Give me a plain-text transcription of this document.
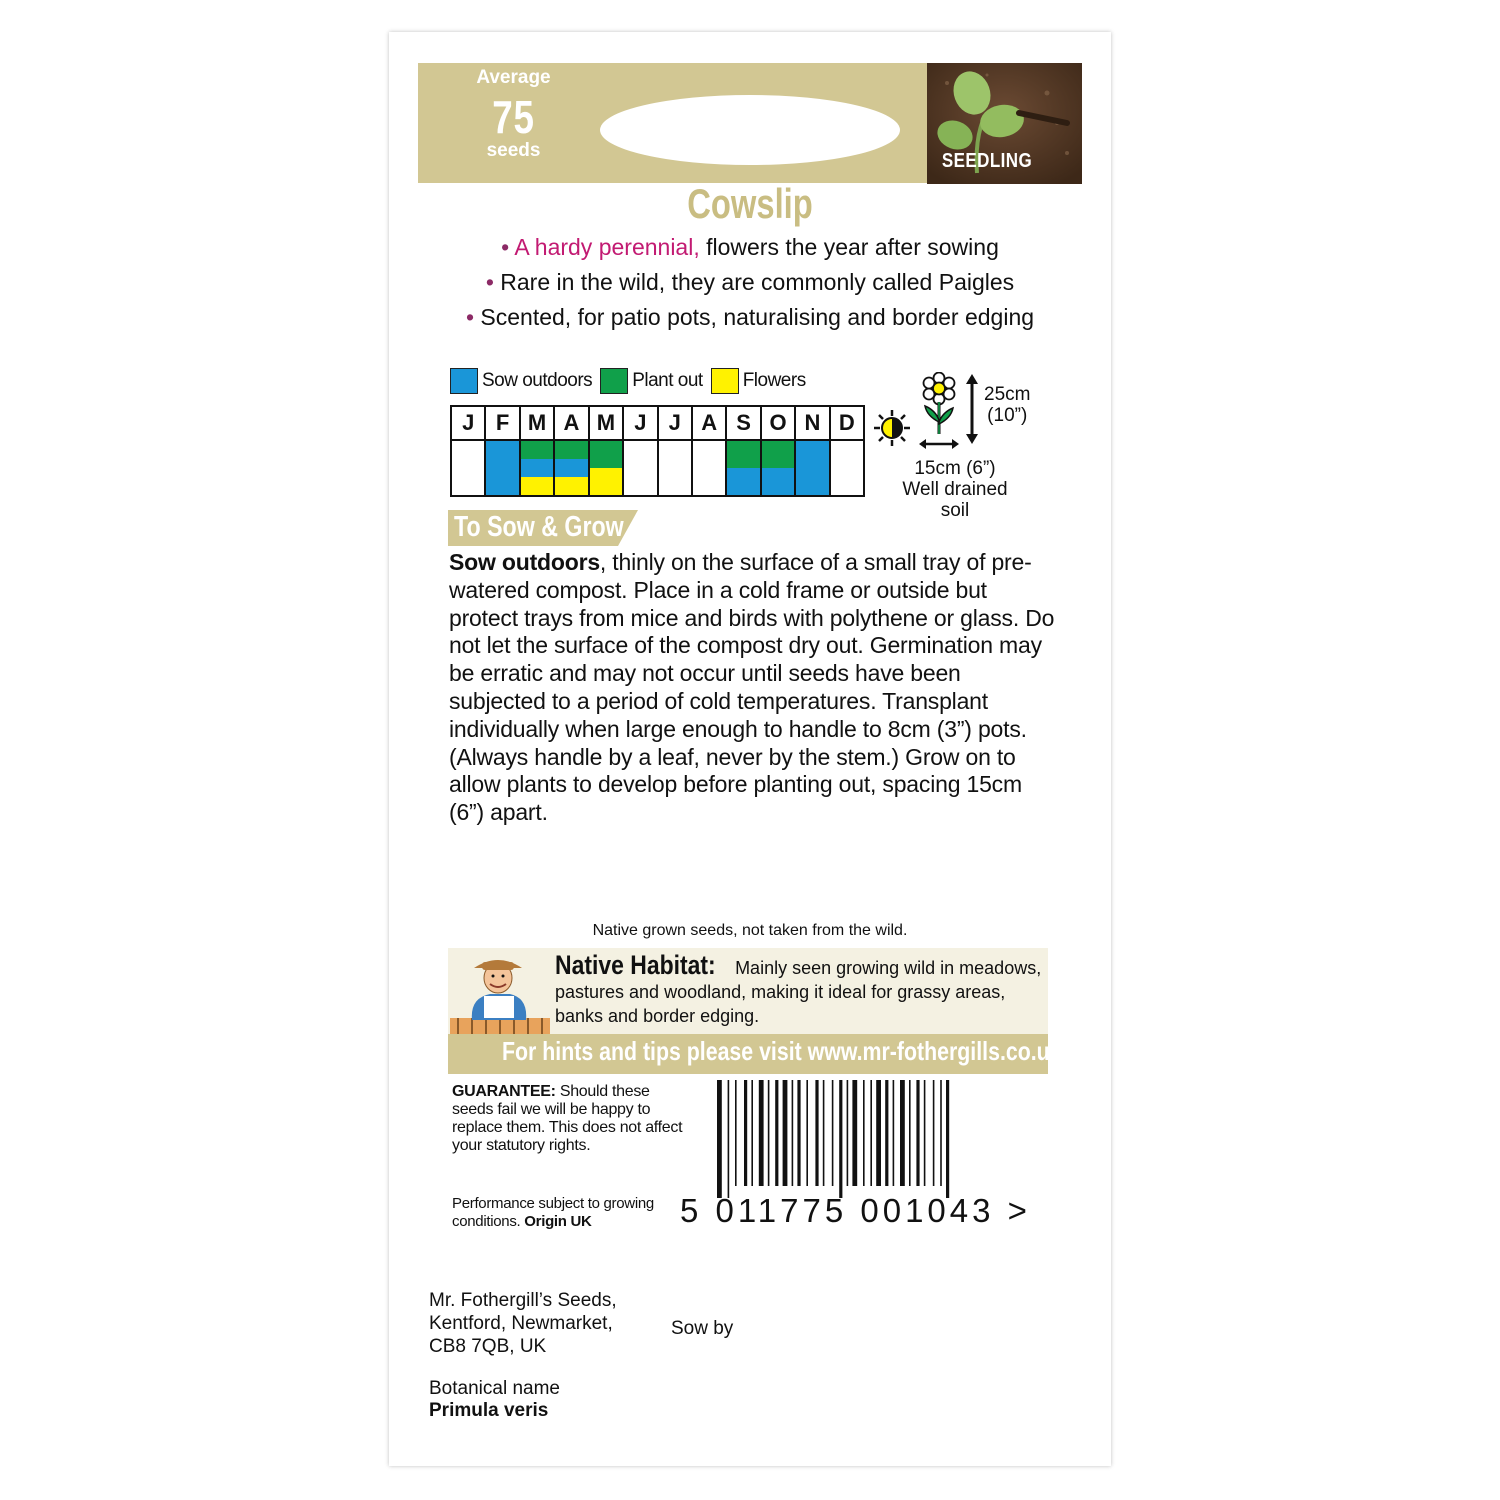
Average
75
seeds	SEEDLING
Cowslip
• A hardy perennial, flowers the year after sowing
• Rare in the wild, they are commonly called Paigles
• Scented, for patio pots, naturalising and border edging
Sow outdoors Plant out Flowers
J F M A M J	J A S O N D
25cm
(10”)
15cm (6”)
Well drained soil
To Sow & Grow
Sow outdoors, thinly on the surface of a small tray of pre-watered compost. Place in a cold frame or outside but protect trays from mice and birds with polythene or glass. Do not let the surface of the compost dry out. Germination may be erratic and may not occur until seeds have been subjected to a period of cold temperatures. Transplant individually when large enough to handle to 8cm (3”) pots. (Always handle by a leaf, never by the stem.) Grow on to allow plants to develop before planting out, spacing 15cm (6”) apart.
Native grown seeds, not taken from the wild.
Native Habitat: Mainly seen growing wild in meadows, pastures and woodland, making it ideal for grassy areas, banks and border edging.
For hints and tips please visit www.mr-fothergills.co.uk
GUARANTEE: Should these seeds fail we will be happy to replace them. This does not affect your statutory rights.
Performance subject to growing conditions. Origin UK	5 011775 001043 >
Mr. Fothergill’s Seeds,
Kentford, Newmarket,
CB8 7QB, UK
Sow by
Botanical name
Primula veris
